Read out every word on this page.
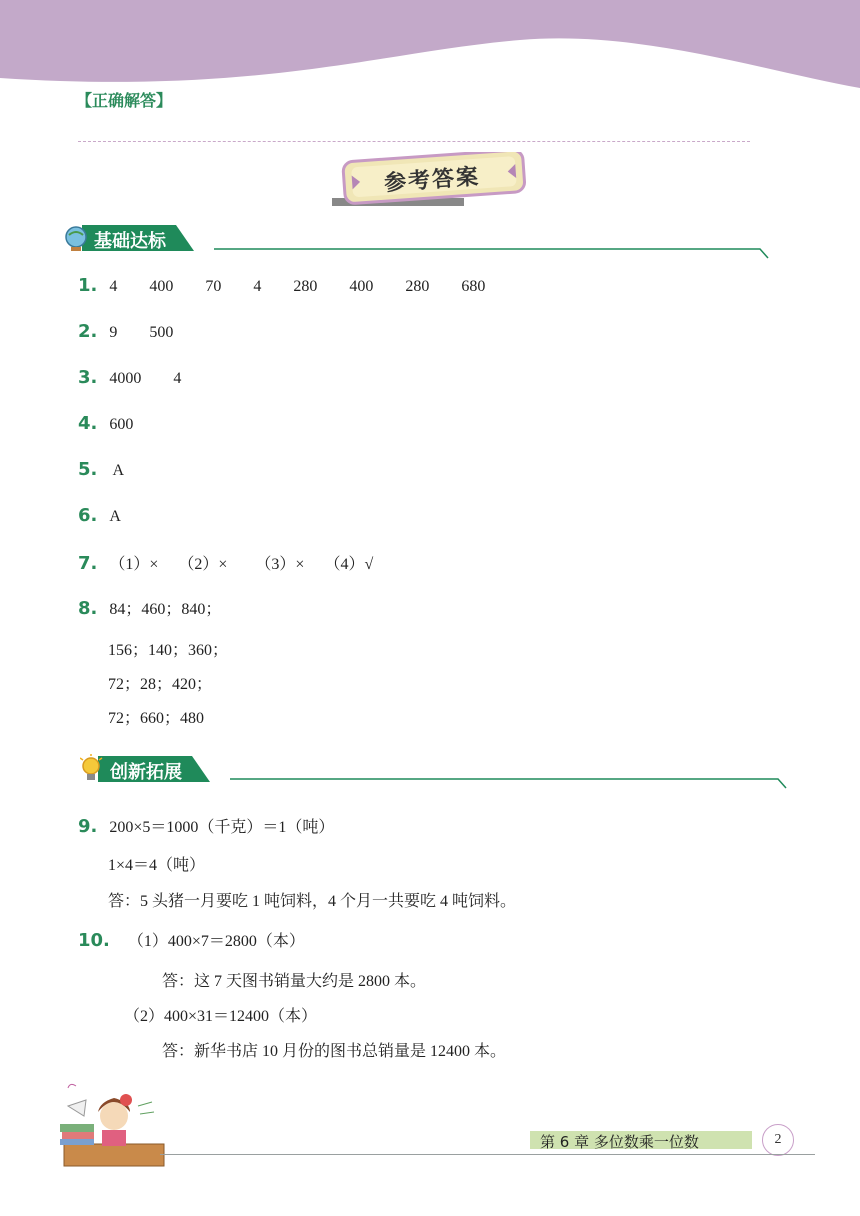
【正确解答】
参考答案
基础达标
1. 4        400        70        4        280        400        280        680
2. 9        500
3. 4000        4
4. 600
5.  A
6. A
7. （1）×     （2）×       （3）×     （4）√
8. 84；460；840；
156；140；360；
72；28；420；
72；660；480
创新拓展
9. 200×5＝1000（千克）＝1（吨）
1×4＝4（吨）
答：5 头猪一月要吃 1 吨饲料，4 个月一共要吃 4 吨饲料。
10. （1）400×7＝2800（本）
答：这 7 天图书销量大约是 2800 本。
（2）400×31＝12400（本）
答：新华书店 10 月份的图书总销量是 12400 本。
第 6 章 多位数乘一位数	2
